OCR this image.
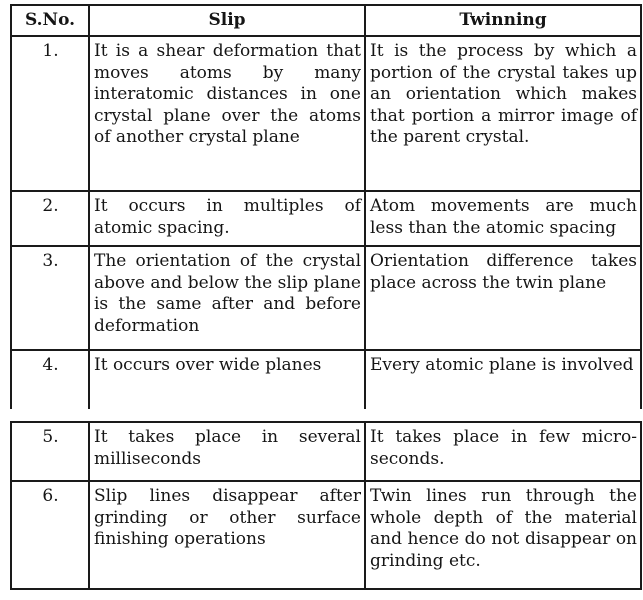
S.No.	Slip	Twinning
1.	It is a shear deformation that moves atoms by many interatomic distances in one crystal plane over the atoms of another crystal plane	It is the process by which a portion of the crystal takes up an orientation which makes that portion a mirror image of the parent crystal.
2.	It occurs in multiples of atomic spacing.	Atom movements are much less than the atomic spacing
3.	The orientation of the crystal above and below the slip plane is the same after and before deformation	Orientation difference takes place across the twin plane
4.	It occurs over wide planes	Every atomic plane is involved
5.	It takes place in several milliseconds	It takes place in few micro-seconds.
6.	Slip lines disappear after grinding or other surface finishing operations	Twin lines run through the whole depth of the material and hence do not disappear on grinding etc.
